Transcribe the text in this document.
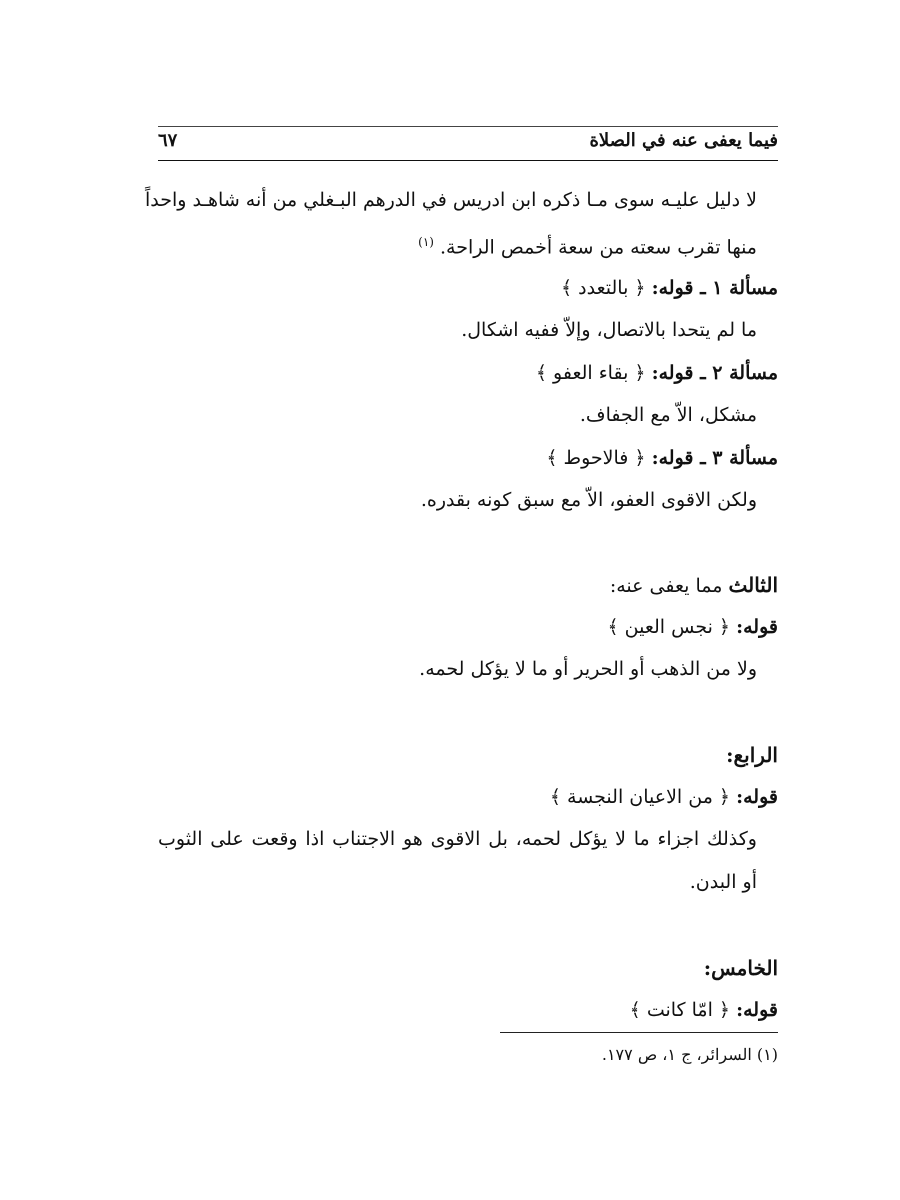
فيما يعفى عنه في الصلاة
٦٧
لا دليل عليـه سوى مـا ذكره ابن ادريس في الدرهم البـغلي من أنه شاهـد واحداً
منها تقرب سعته من سعة أخمص الراحة. $^{(١)}$
مسألة ١ ـ قوله: ﴿ بالتعدد ﴾
ما لم يتحدا بالاتصال، وإلاّ ففيه اشكال.
مسألة ٢ ـ قوله: ﴿ بقاء العفو ﴾
مشكل، الاّ مع الجفاف.
مسألة ٣ ـ قوله: ﴿ فالاحوط ﴾
ولكن الاقوى العفو، الاّ مع سبق كونه بقدره.
الثالث مما يعفى عنه:
قوله: ﴿ نجس العين ﴾
ولا من الذهب أو الحرير أو ما لا يؤكل لحمه.
الرابع:
قوله: ﴿ من الاعيان النجسة ﴾
وكذلك اجزاء ما لا يؤكل لحمه، بل الاقوى هو الاجتناب اذا وقعت على الثوب
أو البدن.
الخامس:
قوله: ﴿ امّا كانت ﴾
(١) السرائر، ج ١، ص ١٧٧.
